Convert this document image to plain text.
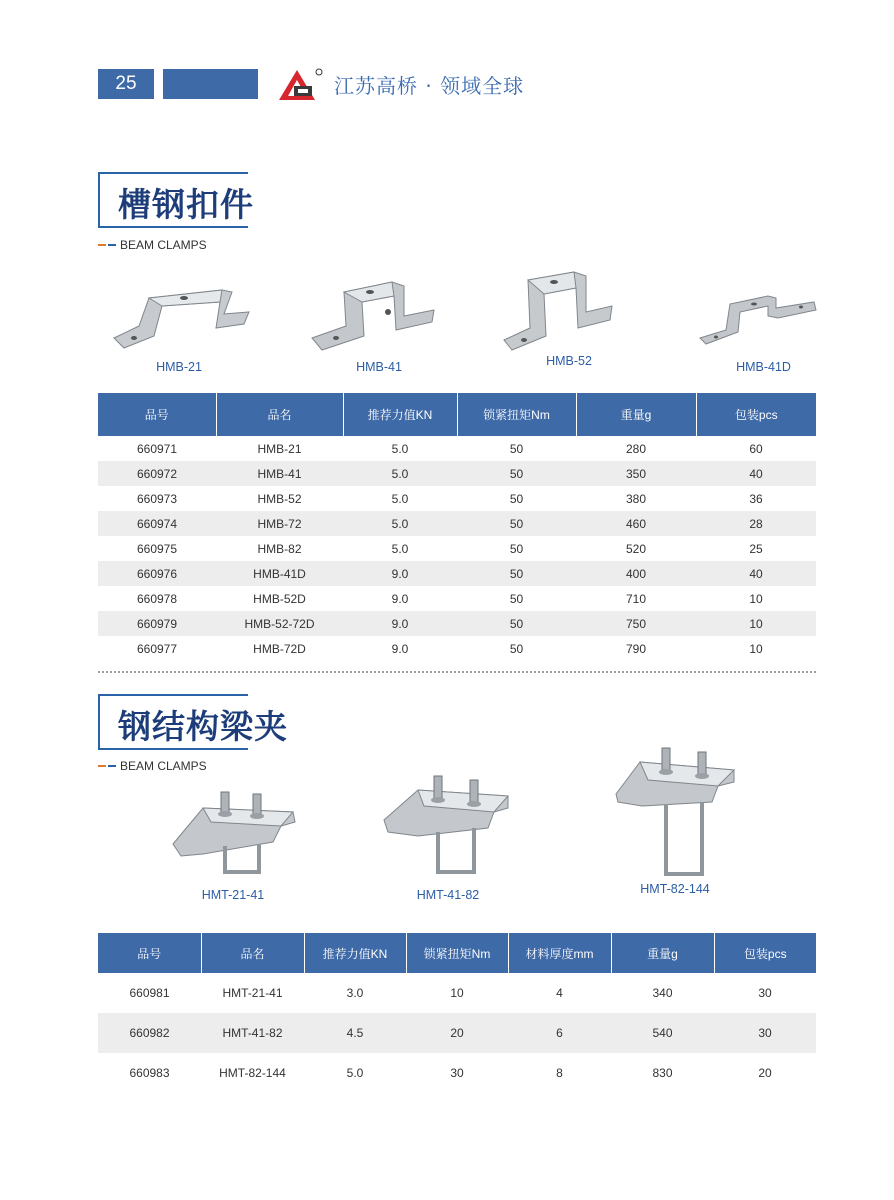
25	江苏高桥 · 领域全球
槽钢扣件
BEAM CLAMPS
HMB-21	HMB-41	HMB-52	HMB-41D
品号	品名	推荐力值KN	锁紧扭矩Nm	重量g	包装pcs
660971	HMB-21	5.0	50	280	60
660972	HMB-41	5.0	50	350	40
660973	HMB-52	5.0	50	380	36
660974	HMB-72	5.0	50	460	28
660975	HMB-82	5.0	50	520	25
660976	HMB-41D	9.0	50	400	40
660978	HMB-52D	9.0	50	710	10
660979	HMB-52-72D	9.0	50	750	10
660977	HMB-72D	9.0	50	790	10
钢结构梁夹
BEAM CLAMPS
HMT-21-41	HMT-41-82	HMT-82-144
品号	品名	推荐力值KN	锁紧扭矩Nm	材料厚度mm	重量g	包装pcs
660981	HMT-21-41	3.0	10	4	340	30
660982	HMT-41-82	4.5	20	6	540	30
660983	HMT-82-144	5.0	30	8	830	20
